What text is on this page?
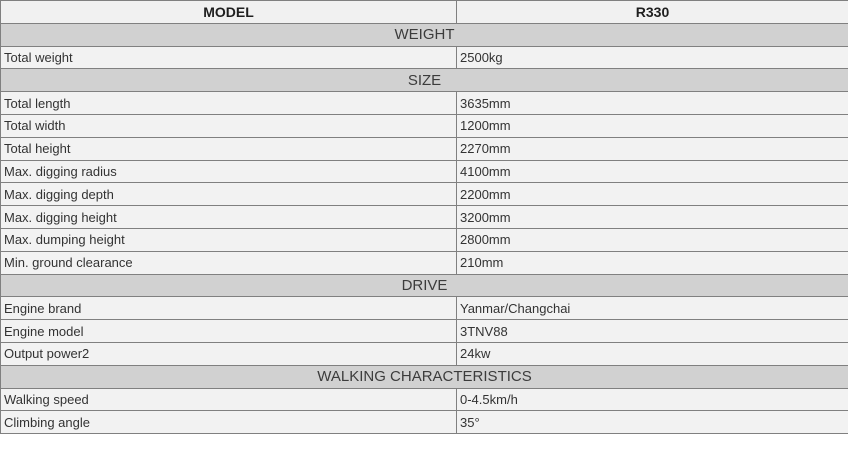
MODEL	R330
WEIGHT	
Total weight	2500kg
SIZE	
Total length	3635mm
Total width	1200mm
Total height	2270mm
Max. digging radius	4100mm
Max. digging depth	2200mm
Max. digging height	3200mm
Max. dumping height	2800mm
Min. ground clearance	210mm
DRIVE	
Engine brand	Yanmar/Changchai
Engine model	3TNV88
Output power2	24kw
WALKING CHARACTERISTICS	
Walking speed	0-4.5km/h
Climbing angle	35°
